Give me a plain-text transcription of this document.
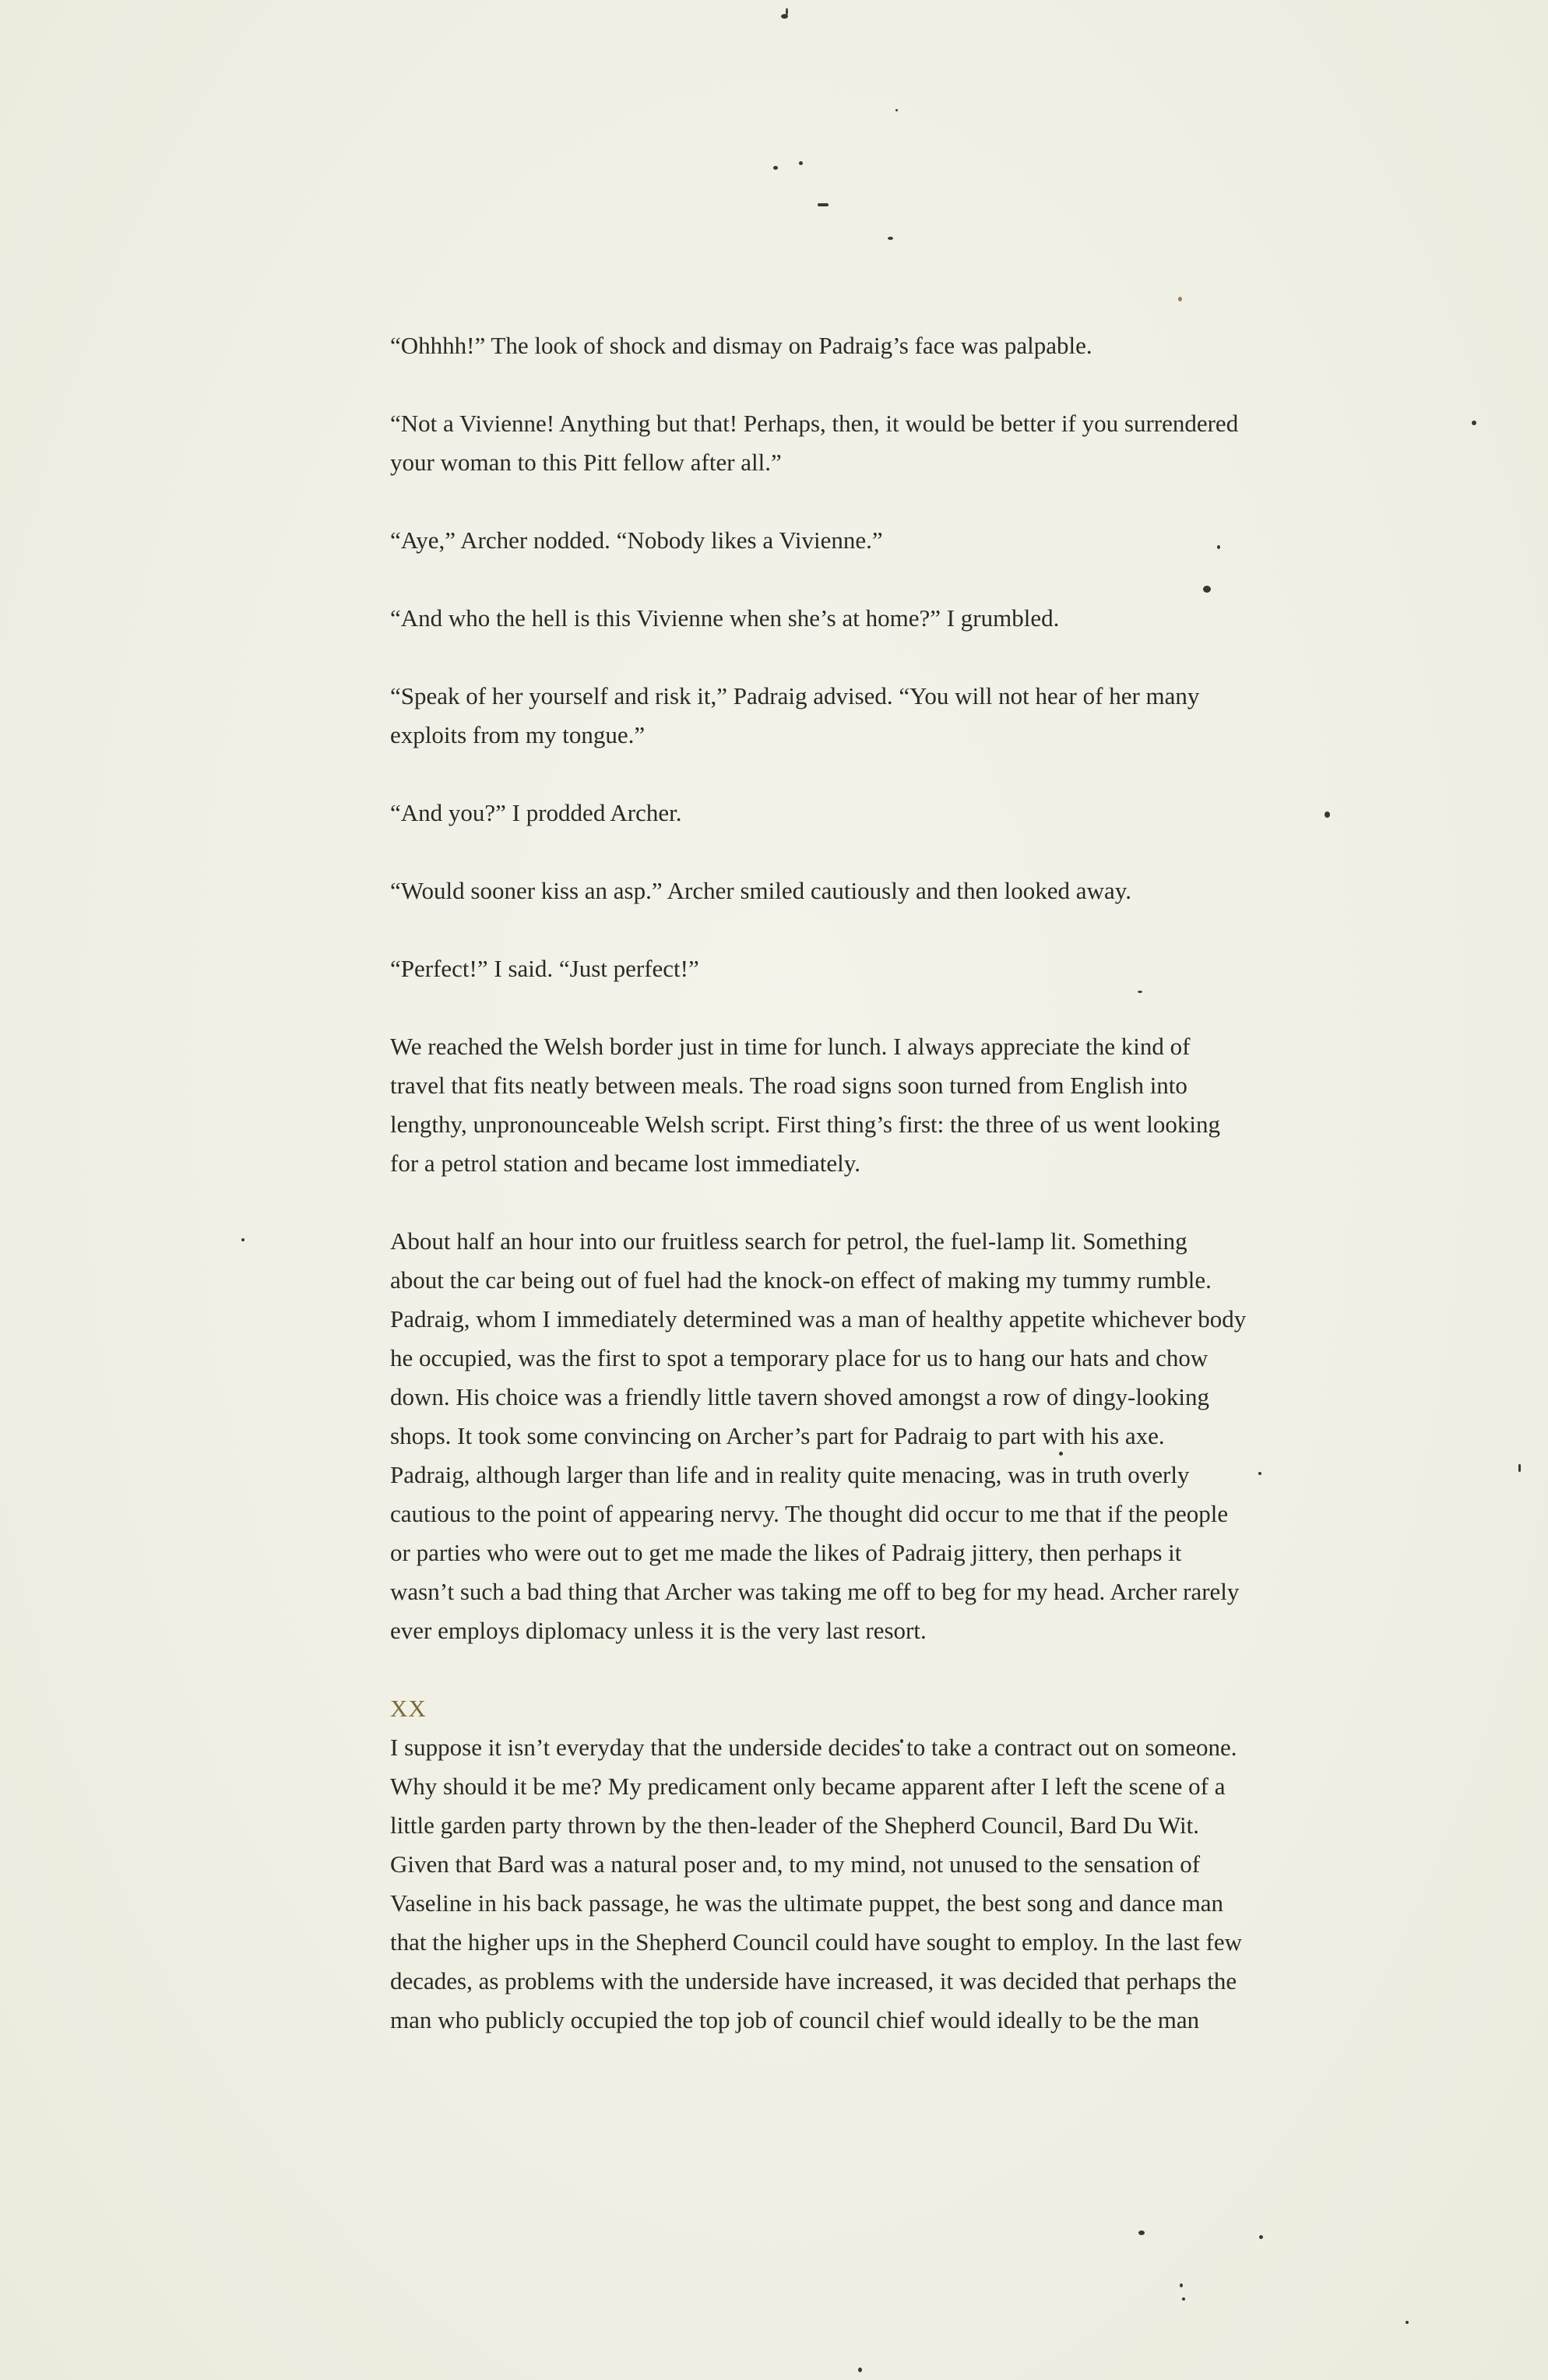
“Ohhhh!” The look of shock and dismay on Padraig’s face was palpable.

“Not a Vivienne! Anything but that! Perhaps, then, it would be better if you surrendered your woman to this Pitt fellow after all.”

“Aye,” Archer nodded. “Nobody likes a Vivienne.”

“And who the hell is this Vivienne when she’s at home?” I grumbled.

“Speak of her yourself and risk it,” Padraig advised. “You will not hear of her many exploits from my tongue.”

“And you?” I prodded Archer.

“Would sooner kiss an asp.” Archer smiled cautiously and then looked away.

“Perfect!” I said. “Just perfect!”

We reached the Welsh border just in time for lunch. I always appreciate the kind of travel that fits neatly between meals. The road signs soon turned from English into lengthy, unpronounceable Welsh script. First thing’s first: the three of us went looking for a petrol station and became lost immediately.

About half an hour into our fruitless search for petrol, the fuel-lamp lit. Something about the car being out of fuel had the knock-on effect of making my tummy rumble. Padraig, whom I immediately determined was a man of healthy appetite whichever body he occupied, was the first to spot a temporary place for us to hang our hats and chow down. His choice was a friendly little tavern shoved amongst a row of dingy-looking shops. It took some convincing on Archer’s part for Padraig to part with his axe. Padraig, although larger than life and in reality quite menacing, was in truth overly cautious to the point of appearing nervy. The thought did occur to me that if the people or parties who were out to get me made the likes of Padraig jittery, then perhaps it wasn’t such a bad thing that Archer was taking me off to beg for my head. Archer rarely ever employs diplomacy unless it is the very last resort.

XX

I suppose it isn’t everyday that the underside decides to take a contract out on someone. Why should it be me? My predicament only became apparent after I left the scene of a little garden party thrown by the then-leader of the Shepherd Council, Bard Du Wit. Given that Bard was a natural poser and, to my mind, not unused to the sensation of Vaseline in his back passage, he was the ultimate puppet, the best song and dance man that the higher ups in the Shepherd Council could have sought to employ. In the last few decades, as problems with the underside have increased, it was decided that perhaps the man who publicly occupied the top job of council chief would ideally to be the man
